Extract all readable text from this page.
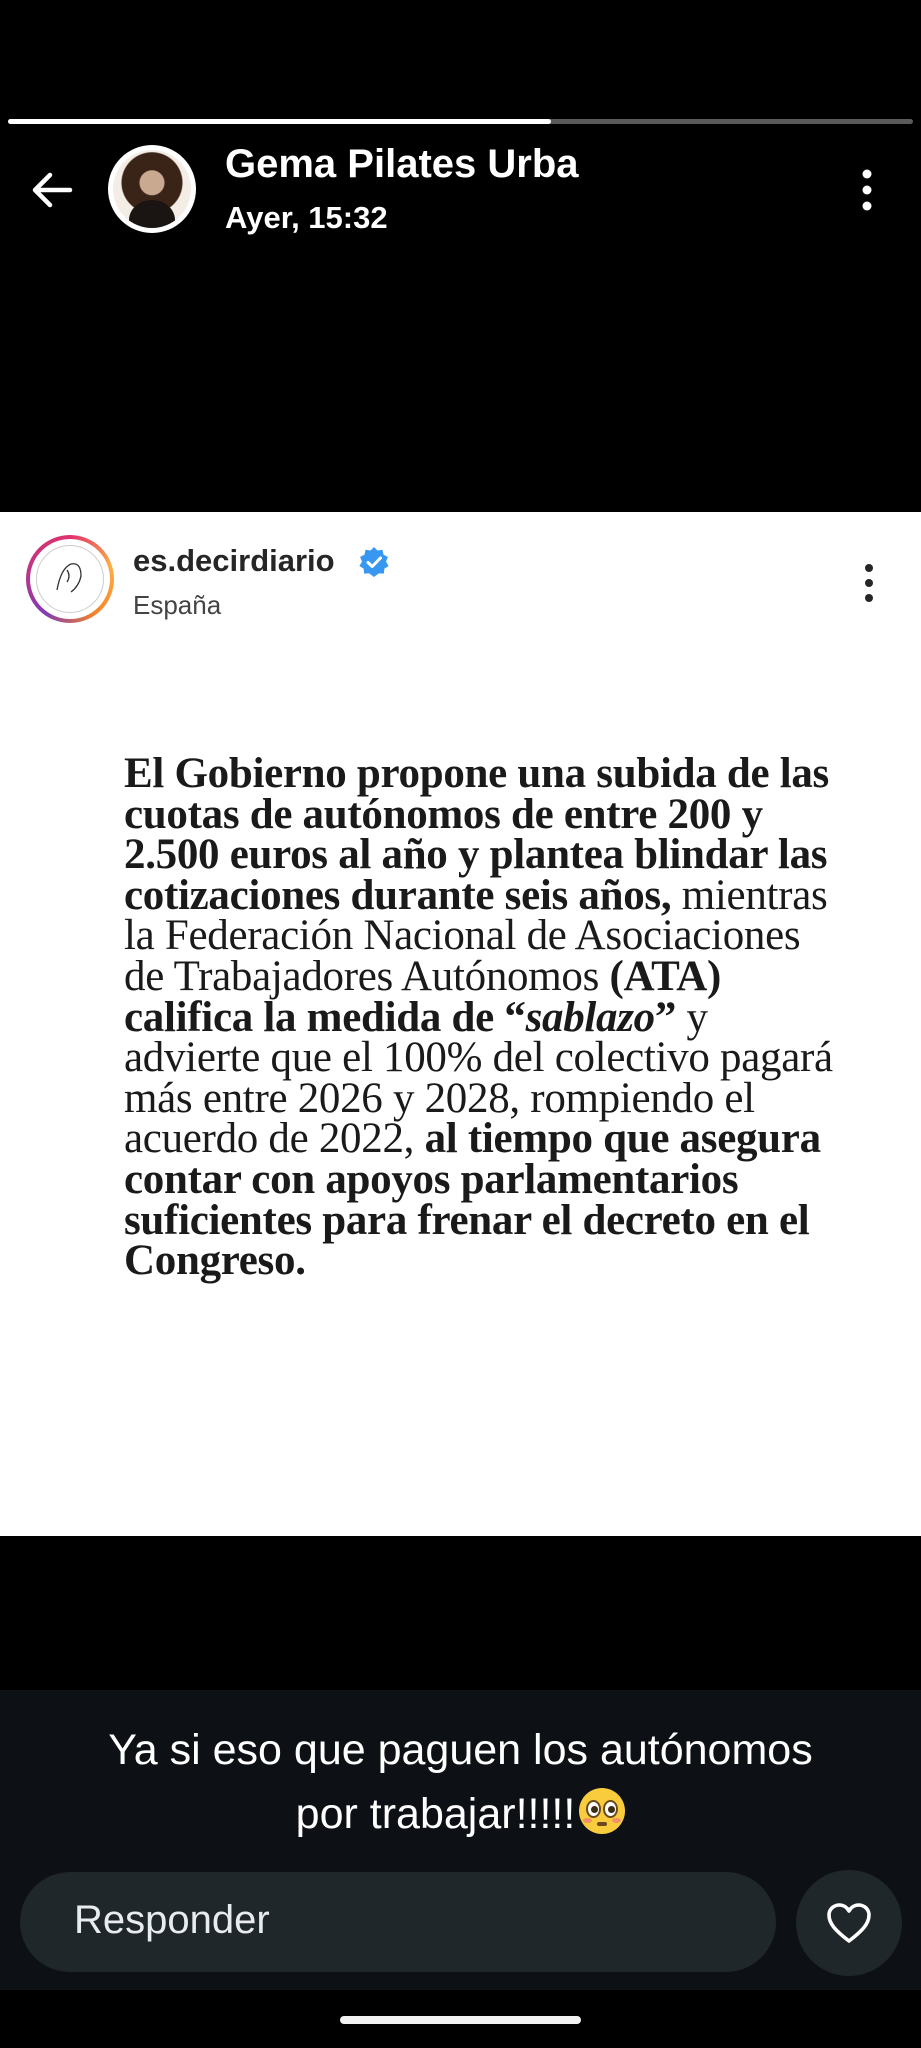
Gema Pilates Urba
Ayer, 15:32
es.decirdiario
España
El Gobierno propone una subida de las cuotas de autónomos de entre 200 y 2.500 euros al año y plantea blindar las cotizaciones durante seis años, mientras la Federación Nacional de Asociaciones de Trabajadores Autónomos (ATA) califica la medida de “sablazo” y advierte que el 100% del colectivo pagará más entre 2026 y 2028, rompiendo el acuerdo de 2022, al tiempo que asegura contar con apoyos parlamentarios suficientes para frenar el decreto en el Congreso.
Ya si eso que paguen los autónomos
por trabajar!!!!!
Responder
